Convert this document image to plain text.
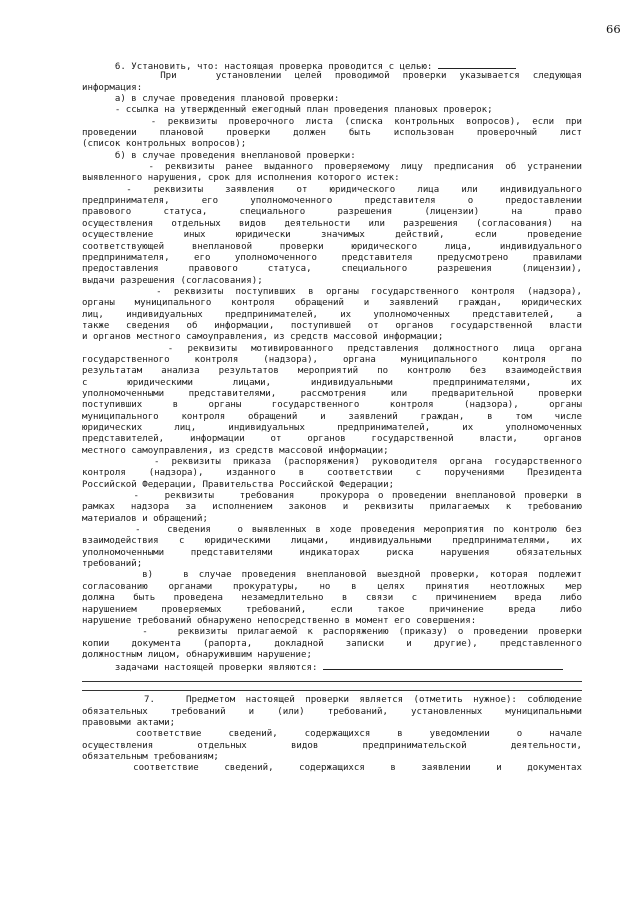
66
6. Установить, что: настоящая проверка проводится с целью:
При   установлении целей проводимой проверки указывается следующая
информация:
а) в случае проведения плановой проверки:
- ссылка на утвержденный ежегодный план проведения плановых проверок;
- реквизиты проверочного листа (списка контрольных вопросов), если при
проведении плановой проверки должен быть использован проверочный лист
(список контрольных вопросов);
б) в случае проведения внеплановой проверки:
- реквизиты ранее выданного проверяемому лицу предписания об устранении
выявленного нарушения, срок для исполнения которого истек:
-   реквизиты   заявления   от   юридического   лица   или   индивидуального
предпринимателя,   его   уполномоченного   представителя   о   предоставлении
правового   статуса,   специального   разрешения   (лицензии)   на   право
осуществления отдельных видов деятельности или разрешения (согласования) на
осуществление   иных   юридически   значимых   действий,   если   проведение
соответствующей внеплановой проверки юридического лица, индивидуального
предпринимателя, его уполномоченного представителя предусмотрено правилами
предоставления   правового   статуса,   специального   разрешения   (лицензии),
выдачи разрешения (согласования);
- реквизиты поступивших в органы государственного контроля (надзора),
органы муниципального контроля обращений и заявлений граждан, юридических
лиц, индивидуальных предпринимателей, их уполномоченных представителей, а
также сведения об информации, поступившей от органов государственной власти
и органов местного самоуправления, из средств массовой информации;
- реквизиты мотивированного представления должностного лица органа
государственного контроля (надзора), органа муниципального контроля по
результатам анализа результатов мероприятий по контролю без взаимодействия
с   юридическими   лицами,   индивидуальными   предпринимателями,   их
уполномоченными представителями, рассмотрения или предварительной проверки
поступивших   в   органы   государственного   контроля   (надзора),   органы
муниципального   контроля   обращений   и   заявлений   граждан,   в   том   числе
юридических   лиц,   индивидуальных   предпринимателей,   их   уполномоченных
представителей, информации от органов государственной власти, органов
местного самоуправления, из средств массовой информации;
- реквизиты приказа (распоряжения) руководителя органа государственного
контроля (надзора), изданного в соответствии с поручениями Президента
Российской Федерации, Правительства Российской Федерации;
-   реквизиты   требования   прокурора о проведении внеплановой проверки в
рамках надзора за исполнением законов и реквизиты прилагаемых к требованию
материалов и обращений;
-   сведения   о выявленных в ходе проведения мероприятия по контролю без
взаимодействия с юридическими лицами, индивидуальными предпринимателями, их
уполномоченными представителями индикаторах риска нарушения обязательных
требований;
в)   в случае проведения внеплановой выездной проверки, которая подлежит
согласованию органами прокуратуры, но в целях принятия неотложных мер
должна быть проведена незамедлительно в связи с причинением вреда либо
нарушением проверяемых требований, если такое причинение вреда либо
нарушение требований обнаружено непосредственно в момент его совершения:
-   реквизиты прилагаемой к распоряжению (приказу) о проведении проверки
копии документа (рапорта, докладной записки и другие), представленного
должностным лицом, обнаружившим нарушение;
задачами настоящей проверки являются:
7.   Предметом настоящей проверки является (отметить нужное): соблюдение
обязательных требований и (или) требований, установленных муниципальными
правовыми актами;
соответствие   сведений,   содержащихся   в   уведомлении   о   начале
осуществления   отдельных   видов   предпринимательской   деятельности,
обязательным требованиям;
соответствие   сведений,   содержащихся   в   заявлении   и   документах
